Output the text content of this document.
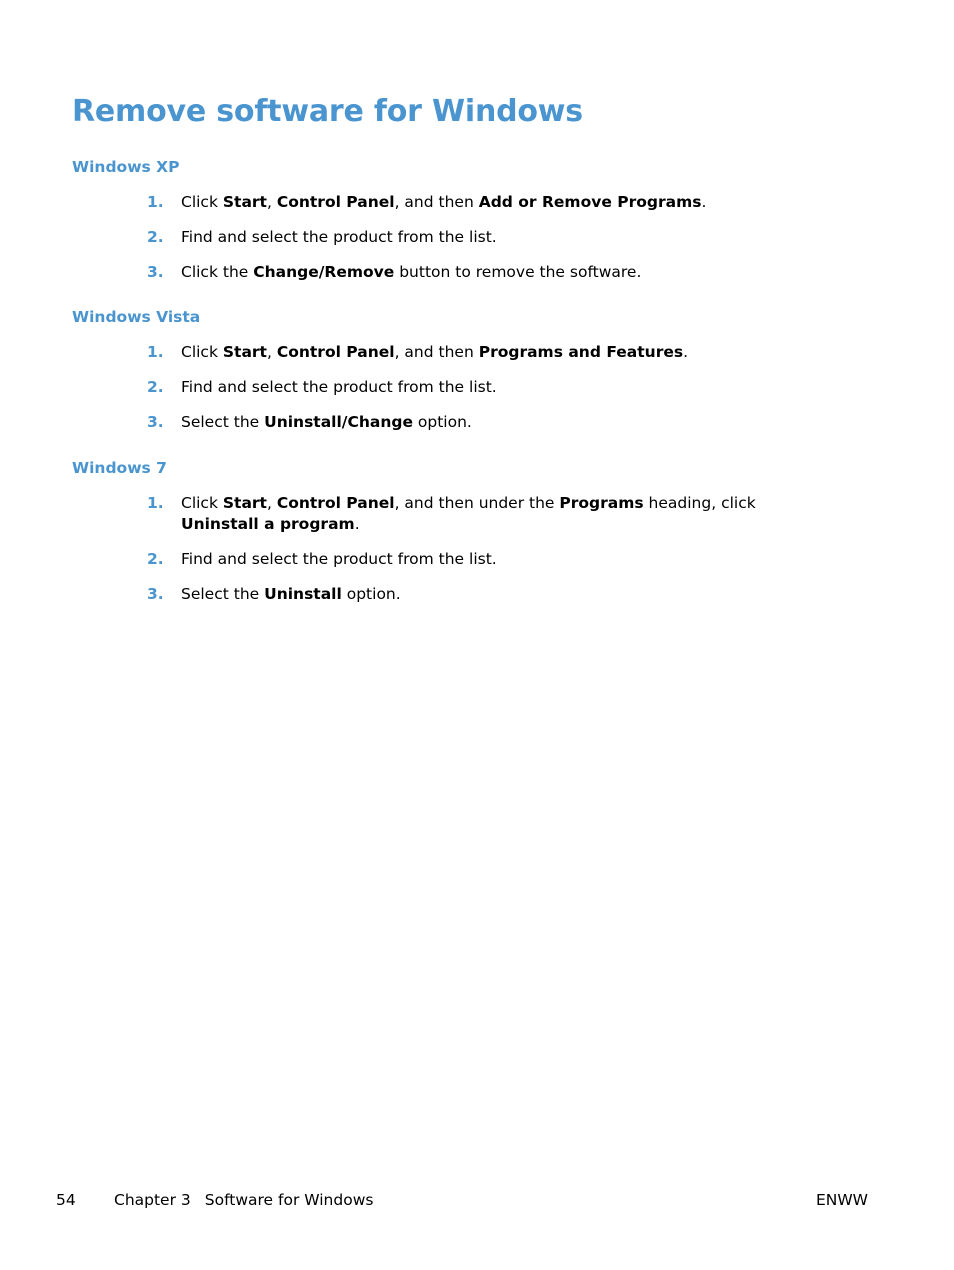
Remove software for Windows
Windows XP
1. Click Start, Control Panel, and then Add or Remove Programs.
2. Find and select the product from the list.
3. Click the Change/Remove button to remove the software.
Windows Vista
1. Click Start, Control Panel, and then Programs and Features.
2. Find and select the product from the list.
3. Select the Uninstall/Change option.
Windows 7
1. Click Start, Control Panel, and then under the Programs heading, click Uninstall a program.
2. Find and select the product from the list.
3. Select the Uninstall option.
54 Chapter 3 Software for Windows	ENWW
